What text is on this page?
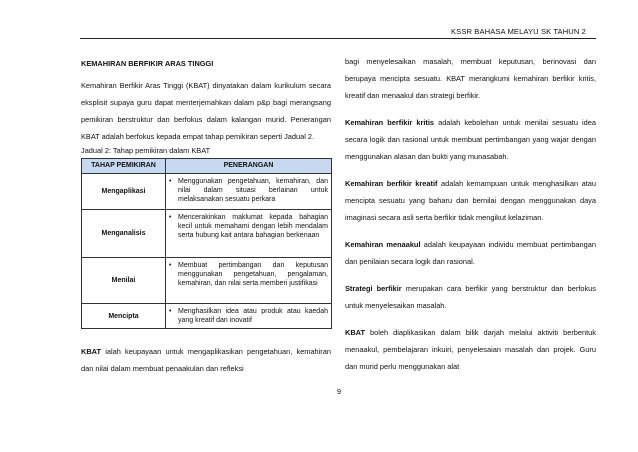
KSSR BAHASA MELAYU SK TAHUN 2
KEMAHIRAN BERFIKIR ARAS TINGGI

Kemahiran Berfikir Aras Tinggi (KBAT) dinyatakan dalam kurikulum secara eksplisit supaya guru dapat menterjemahkan dalam p&p bagi merangsang pemikiran berstruktur dan berfokus dalam kalangan murid. Penerangan KBAT adalah berfokus kepada empat tahap pemikiran seperti Jadual 2.

Jadual 2: Tahap pemikiran dalam KBAT

TAHAP PEMIKIRAN	PENERANGAN
Mengaplikasi	• Menggunakan pengetahuan, kemahiran, dan nilai dalam situasi berlainan untuk melaksanakan sesuatu perkara

Menganalisis	• Mencerakinkan maklumat kepada bahagian kecil untuk memahami dengan lebih mendalam serta hubung kait antara bahagian berkenaan

Menilai	• Membuat pertimbangan dan keputusan menggunakan pengetahuan, pengalaman, kemahiran, dan nilai serta memberi justifikasi

Mencipta	• Menghasilkan idea atau produk atau kaedah yang kreatif dan inovatif

KBAT ialah keupayaan untuk mengaplikasikan pengetahuan, kemahiran dan nilai dalam membuat penaakulan dan refleksi

bagi menyelesaikan masalah, membuat keputusan, berinovasi dan berupaya mencipta sesuatu. KBAT merangkumi kemahiran berfikir kritis, kreatif dan menaakul dan strategi berfikir.

Kemahiran berfikir kritis adalah kebolehan untuk menilai sesuatu idea secara logik dan rasional untuk membuat pertimbangan yang wajar dengan menggunakan alasan dan bukti yang munasabah.

Kemahiran berfikir kreatif adalah kemampuan untuk menghasilkan atau mencipta sesuatu yang baharu dan bernilai dengan menggunakan daya imaginasi secara asli serta berfikir tidak mengikut kelaziman.

Kemahiran menaakul adalah keupayaan individu membuat pertimbangan dan penilaian secara logik dan rasional.

Strategi berfikir merupakan cara berfikir yang berstruktur dan berfokus untuk menyelesaikan masalah.

KBAT boleh diaplikasikan dalam bilik darjah melalui aktiviti berbentuk menaakul, pembelajaran inkuiri, penyelesaian masalah dan projek. Guru dan murid perlu menggunakan alat

9
